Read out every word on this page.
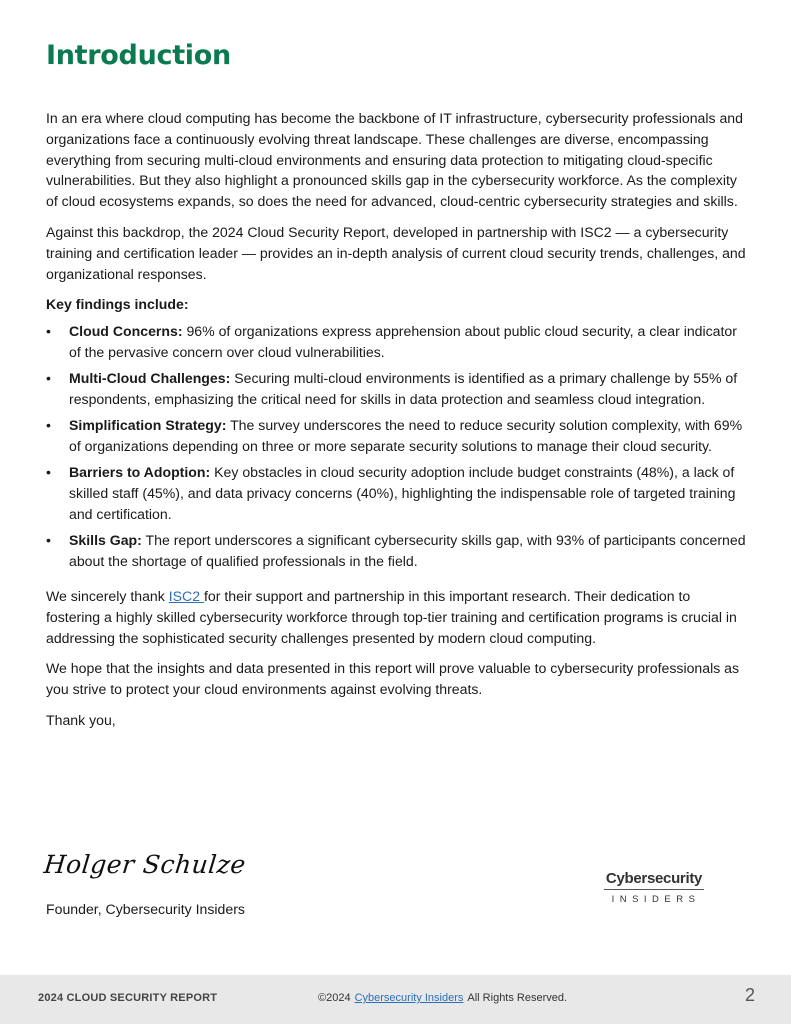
Introduction

In an era where cloud computing has become the backbone of IT infrastructure, cybersecurity professionals and organizations face a continuously evolving threat landscape. These challenges are diverse, encompassing everything from securing multi-cloud environments and ensuring data protection to mitigating cloud-specific vulnerabilities. But they also highlight a pronounced skills gap in the cybersecurity workforce. As the complexity of cloud ecosystems expands, so does the need for advanced, cloud-centric cybersecurity strategies and skills.

Against this backdrop, the 2024 Cloud Security Report, developed in partnership with ISC2 — a cybersecurity training and certification leader — provides an in-depth analysis of current cloud security trends, challenges, and organizational responses.

Key findings include:
• Cloud Concerns: 96% of organizations express apprehension about public cloud security, a clear indicator of the pervasive concern over cloud vulnerabilities.
• Multi-Cloud Challenges: Securing multi-cloud environments is identified as a primary challenge by 55% of respondents, emphasizing the critical need for skills in data protection and seamless cloud integration.
• Simplification Strategy: The survey underscores the need to reduce security solution complexity, with 69% of organizations depending on three or more separate security solutions to manage their cloud security.
• Barriers to Adoption: Key obstacles in cloud security adoption include budget constraints (48%), a lack of skilled staff (45%), and data privacy concerns (40%), highlighting the indispensable role of targeted training and certification.
• Skills Gap: The report underscores a significant cybersecurity skills gap, with 93% of participants concerned about the shortage of qualified professionals in the field.

We sincerely thank ISC2 for their support and partnership in this important research. Their dedication to fostering a highly skilled cybersecurity workforce through top-tier training and certification programs is crucial in addressing the sophisticated security challenges presented by modern cloud computing.

We hope that the insights and data presented in this report will prove valuable to cybersecurity professionals as you strive to protect your cloud environments against evolving threats.

Thank you,

Holger Schulze
Founder, Cybersecurity Insiders
Cybersecurity
INSIDERS
2024 CLOUD SECURITY REPORT	©2024 Cybersecurity Insiders All Rights Reserved.	2
